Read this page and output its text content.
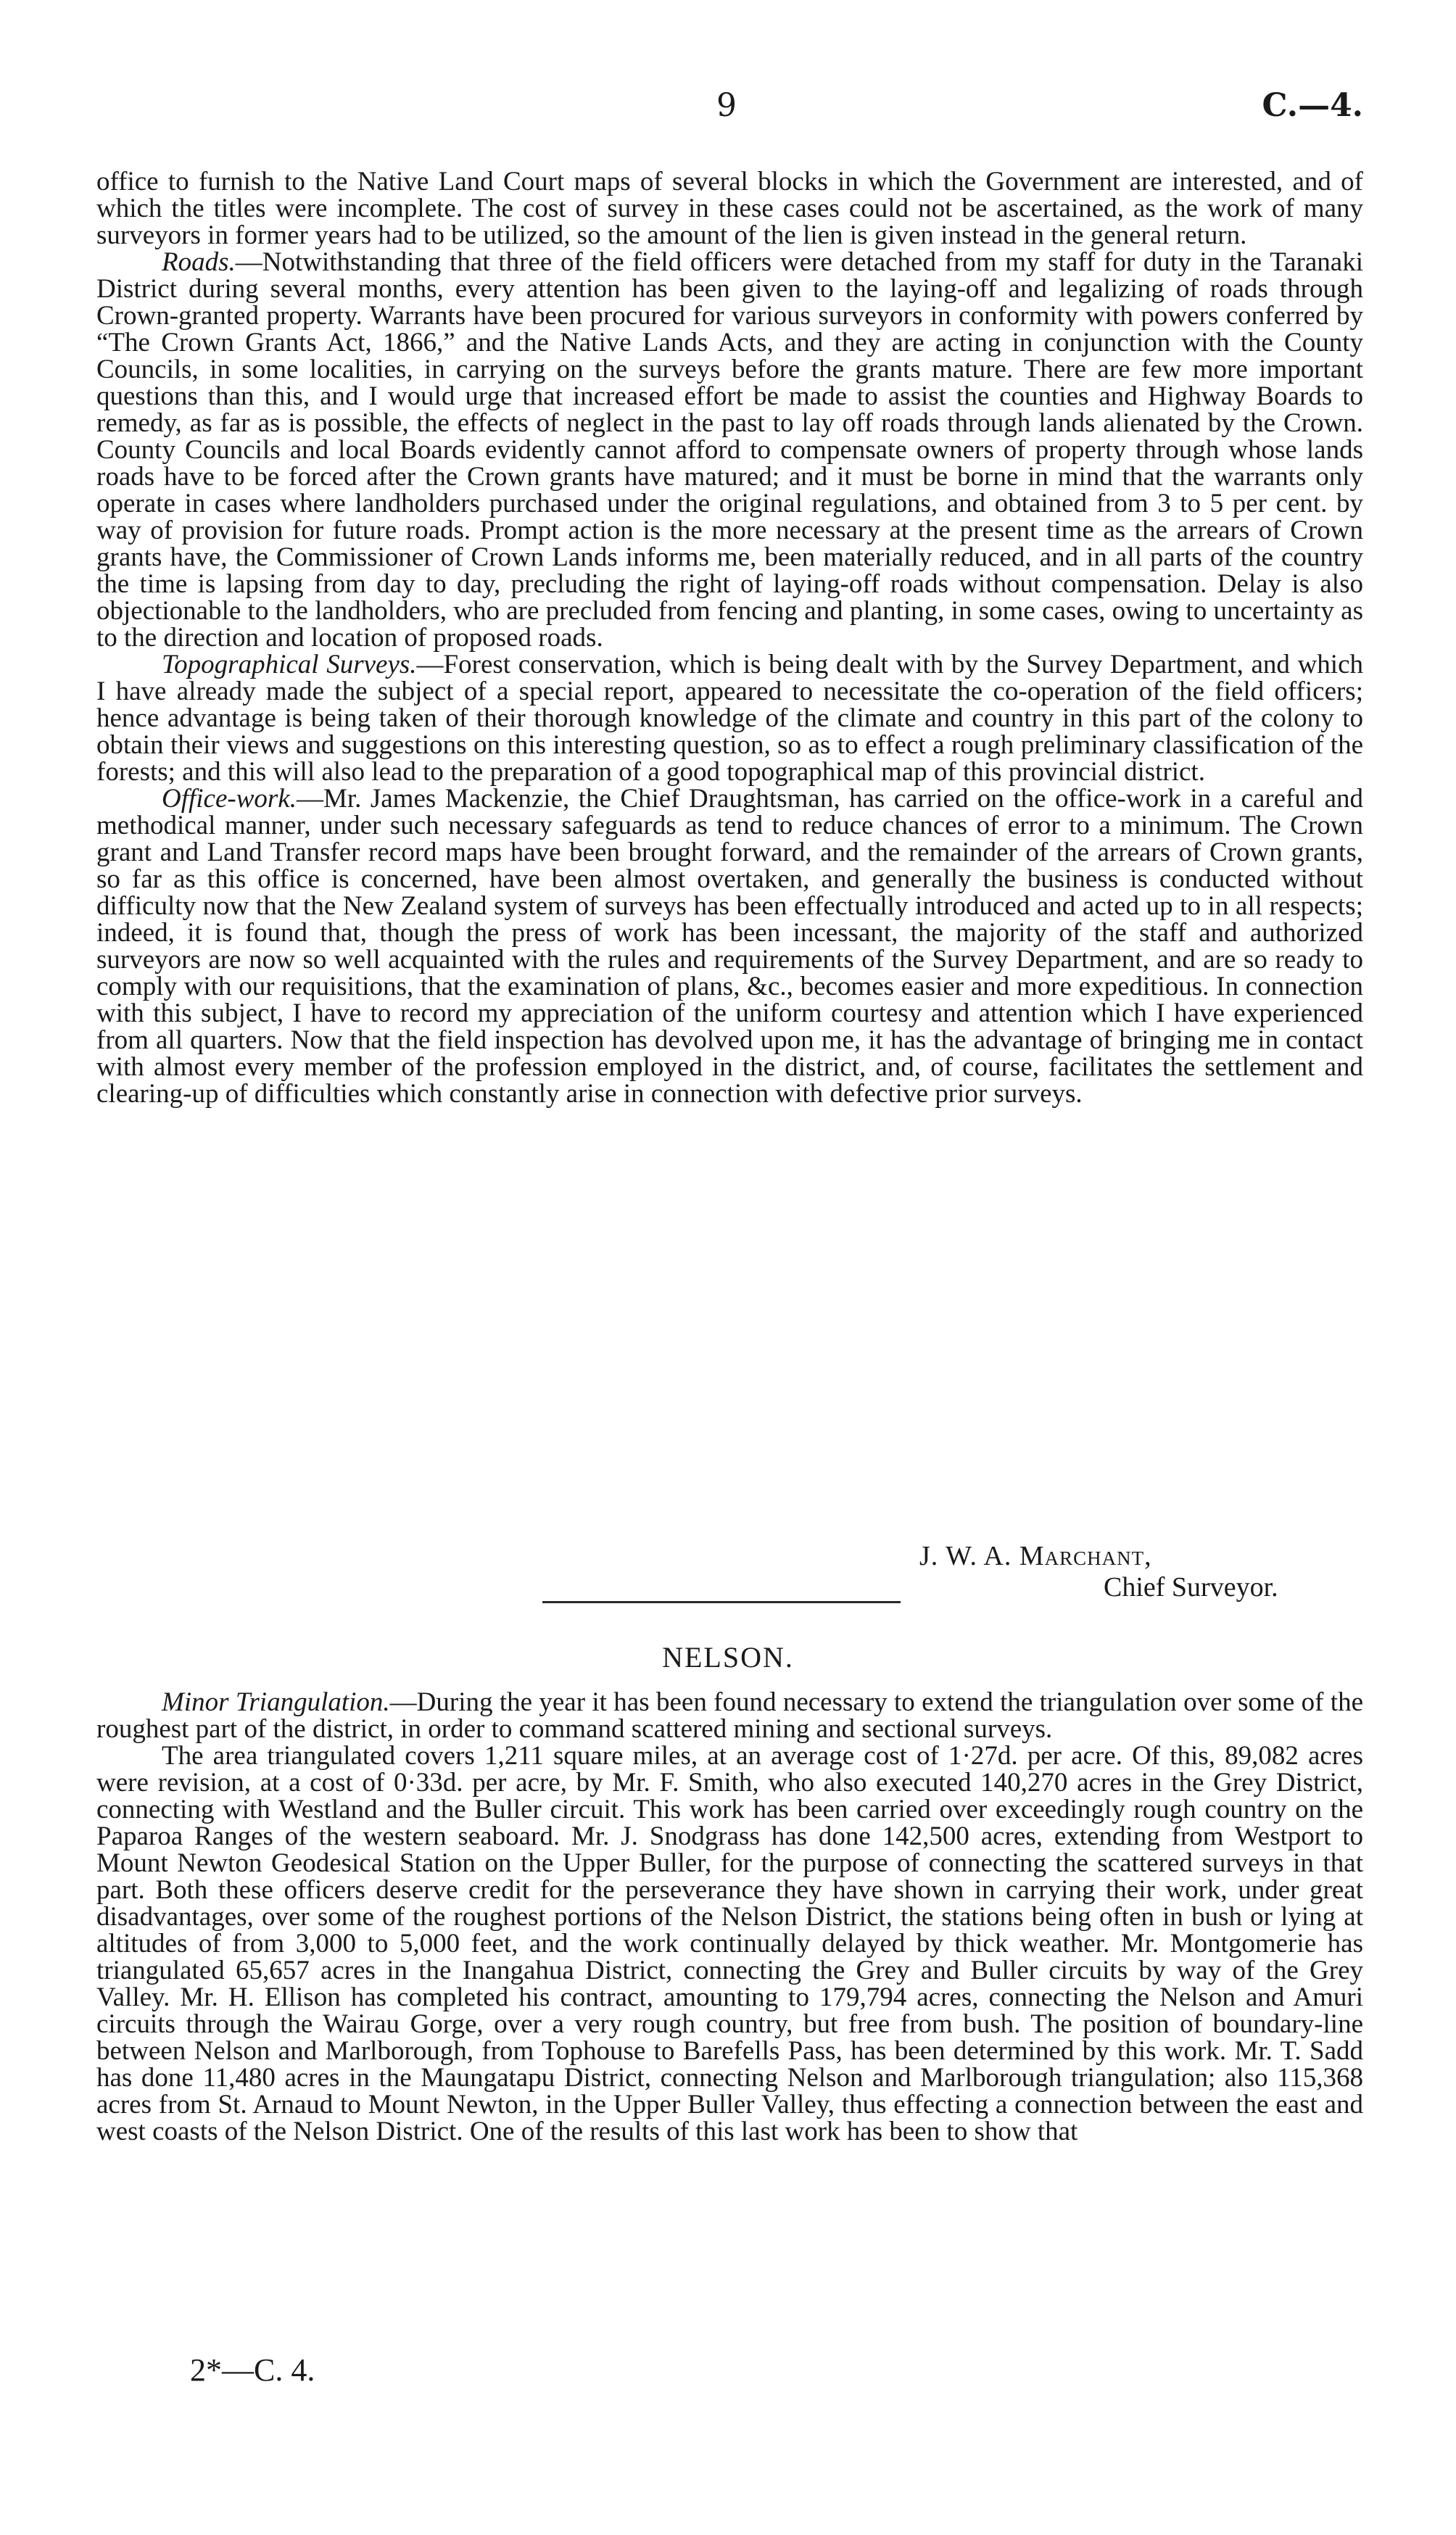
9	C.—4.

office to furnish to the Native Land Court maps of several blocks in which the Government are interested, and of which the titles were incomplete. The cost of survey in these cases could not be ascertained, as the work of many surveyors in former years had to be utilized, so the amount of the lien is given instead in the general return.

Roads.—Notwithstanding that three of the field officers were detached from my staff for duty in the Taranaki District during several months, every attention has been given to the laying-off and legalizing of roads through Crown-granted property. Warrants have been procured for various surveyors in conformity with powers conferred by “The Crown Grants Act, 1866,” and the Native Lands Acts, and they are acting in conjunction with the County Councils, in some localities, in carrying on the surveys before the grants mature. There are few more important questions than this, and I would urge that increased effort be made to assist the counties and Highway Boards to remedy, as far as is possible, the effects of neglect in the past to lay off roads through lands alienated by the Crown. County Councils and local Boards evidently cannot afford to compensate owners of property through whose lands roads have to be forced after the Crown grants have matured; and it must be borne in mind that the warrants only operate in cases where landholders purchased under the original regulations, and obtained from 3 to 5 per cent. by way of provision for future roads. Prompt action is the more necessary at the present time as the arrears of Crown grants have, the Commissioner of Crown Lands informs me, been materially reduced, and in all parts of the country the time is lapsing from day to day, precluding the right of laying-off roads without compensation. Delay is also objectionable to the landholders, who are precluded from fencing and planting, in some cases, owing to uncertainty as to the direction and location of proposed roads.

Topographical Surveys.—Forest conservation, which is being dealt with by the Survey Department, and which I have already made the subject of a special report, appeared to necessitate the co-operation of the field officers; hence advantage is being taken of their thorough knowledge of the climate and country in this part of the colony to obtain their views and suggestions on this interesting question, so as to effect a rough preliminary classification of the forests; and this will also lead to the preparation of a good topographical map of this provincial district.

Office-work.—Mr. James Mackenzie, the Chief Draughtsman, has carried on the office-work in a careful and methodical manner, under such necessary safeguards as tend to reduce chances of error to a minimum. The Crown grant and Land Transfer record maps have been brought forward, and the remainder of the arrears of Crown grants, so far as this office is concerned, have been almost overtaken, and generally the business is conducted without difficulty now that the New Zealand system of surveys has been effectually introduced and acted up to in all respects; indeed, it is found that, though the press of work has been incessant, the majority of the staff and authorized surveyors are now so well acquainted with the rules and requirements of the Survey Department, and are so ready to comply with our requisitions, that the examination of plans, &c., becomes easier and more expeditious. In connection with this subject, I have to record my appreciation of the uniform courtesy and attention which I have experienced from all quarters. Now that the field inspection has devolved upon me, it has the advantage of bringing me in contact with almost every member of the profession employed in the district, and, of course, facilitates the settlement and clearing-up of difficulties which constantly arise in connection with defective prior surveys.

J. W. A. Marchant,
Chief Surveyor.
NELSON.

Minor Triangulation.—During the year it has been found necessary to extend the triangulation over some of the roughest part of the district, in order to command scattered mining and sectional surveys.

The area triangulated covers 1,211 square miles, at an average cost of 1·27d. per acre. Of this, 89,082 acres were revision, at a cost of 0·33d. per acre, by Mr. F. Smith, who also executed 140,270 acres in the Grey District, connecting with Westland and the Buller circuit. This work has been carried over exceedingly rough country on the Paparoa Ranges of the western seaboard. Mr. J. Snodgrass has done 142,500 acres, extending from Westport to Mount Newton Geodesical Station on the Upper Buller, for the purpose of connecting the scattered surveys in that part. Both these officers deserve credit for the perseverance they have shown in carrying their work, under great disadvantages, over some of the roughest portions of the Nelson District, the stations being often in bush or lying at altitudes of from 3,000 to 5,000 feet, and the work continually delayed by thick weather. Mr. Montgomerie has triangulated 65,657 acres in the Inangahua District, connecting the Grey and Buller circuits by way of the Grey Valley. Mr. H. Ellison has completed his contract, amounting to 179,794 acres, connecting the Nelson and Amuri circuits through the Wairau Gorge, over a very rough country, but free from bush. The position of boundary-line between Nelson and Marlborough, from Tophouse to Barefells Pass, has been determined by this work. Mr. T. Sadd has done 11,480 acres in the Maungatapu District, connecting Nelson and Marlborough triangulation; also 115,368 acres from St. Arnaud to Mount Newton, in the Upper Buller Valley, thus effecting a connection between the east and west coasts of the Nelson District. One of the results of this last work has been to show that

2*—C. 4.
